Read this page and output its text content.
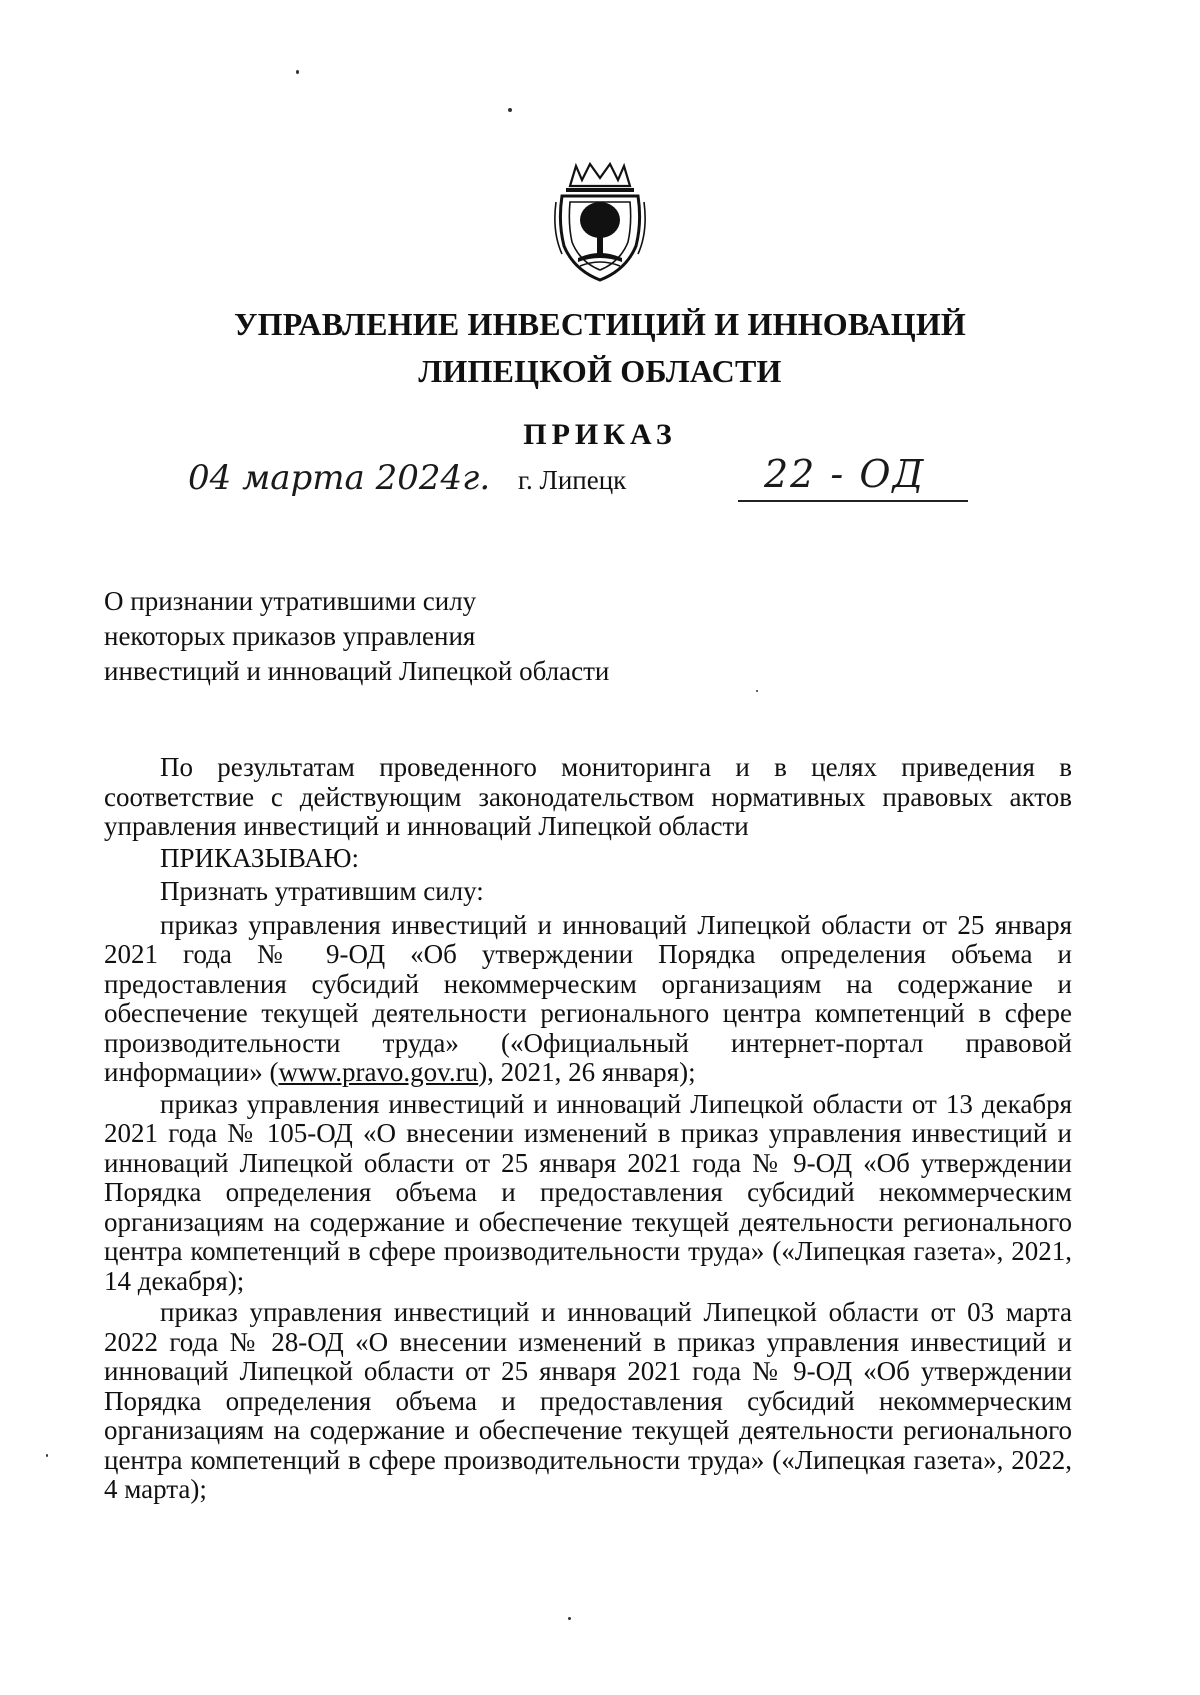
УПРАВЛЕНИЕ ИНВЕСТИЦИЙ И ИННОВАЦИЙ
ЛИПЕЦКОЙ ОБЛАСТИ
ПРИКАЗ
04 марта 2024г. г. Липецк	22 - ОД
О признании утратившими силу
некоторых приказов управления
инвестиций и инноваций Липецкой области

По результатам проведенного мониторинга и в целях приведения в соответствие с действующим законодательством нормативных правовых актов управления инвестиций и инноваций Липецкой области

ПРИКАЗЫВАЮ:

Признать утратившим силу:

приказ управления инвестиций и инноваций Липецкой области от 25 января 2021 года № 9-ОД «Об утверждении Порядка определения объема и предоставления субсидий некоммерческим организациям на содержание и обеспечение текущей деятельности регионального центра компетенций в сфере производительности труда» («Официальный интернет-портал правовой информации» (www.pravo.gov.ru), 2021, 26 января);

приказ управления инвестиций и инноваций Липецкой области от 13 декабря 2021 года № 105-ОД «О внесении изменений в приказ управления инвестиций и инноваций Липецкой области от 25 января 2021 года № 9-ОД «Об утверждении Порядка определения объема и предоставления субсидий некоммерческим организациям на содержание и обеспечение текущей деятельности регионального центра компетенций в сфере производительности труда» («Липецкая газета», 2021, 14 декабря);

приказ управления инвестиций и инноваций Липецкой области от 03 марта 2022 года № 28-ОД «О внесении изменений в приказ управления инвестиций и инноваций Липецкой области от 25 января 2021 года № 9-ОД «Об утверждении Порядка определения объема и предоставления субсидий некоммерческим организациям на содержание и обеспечение текущей деятельности регионального центра компетенций в сфере производительности труда» («Липецкая газета», 2022, 4 марта);
